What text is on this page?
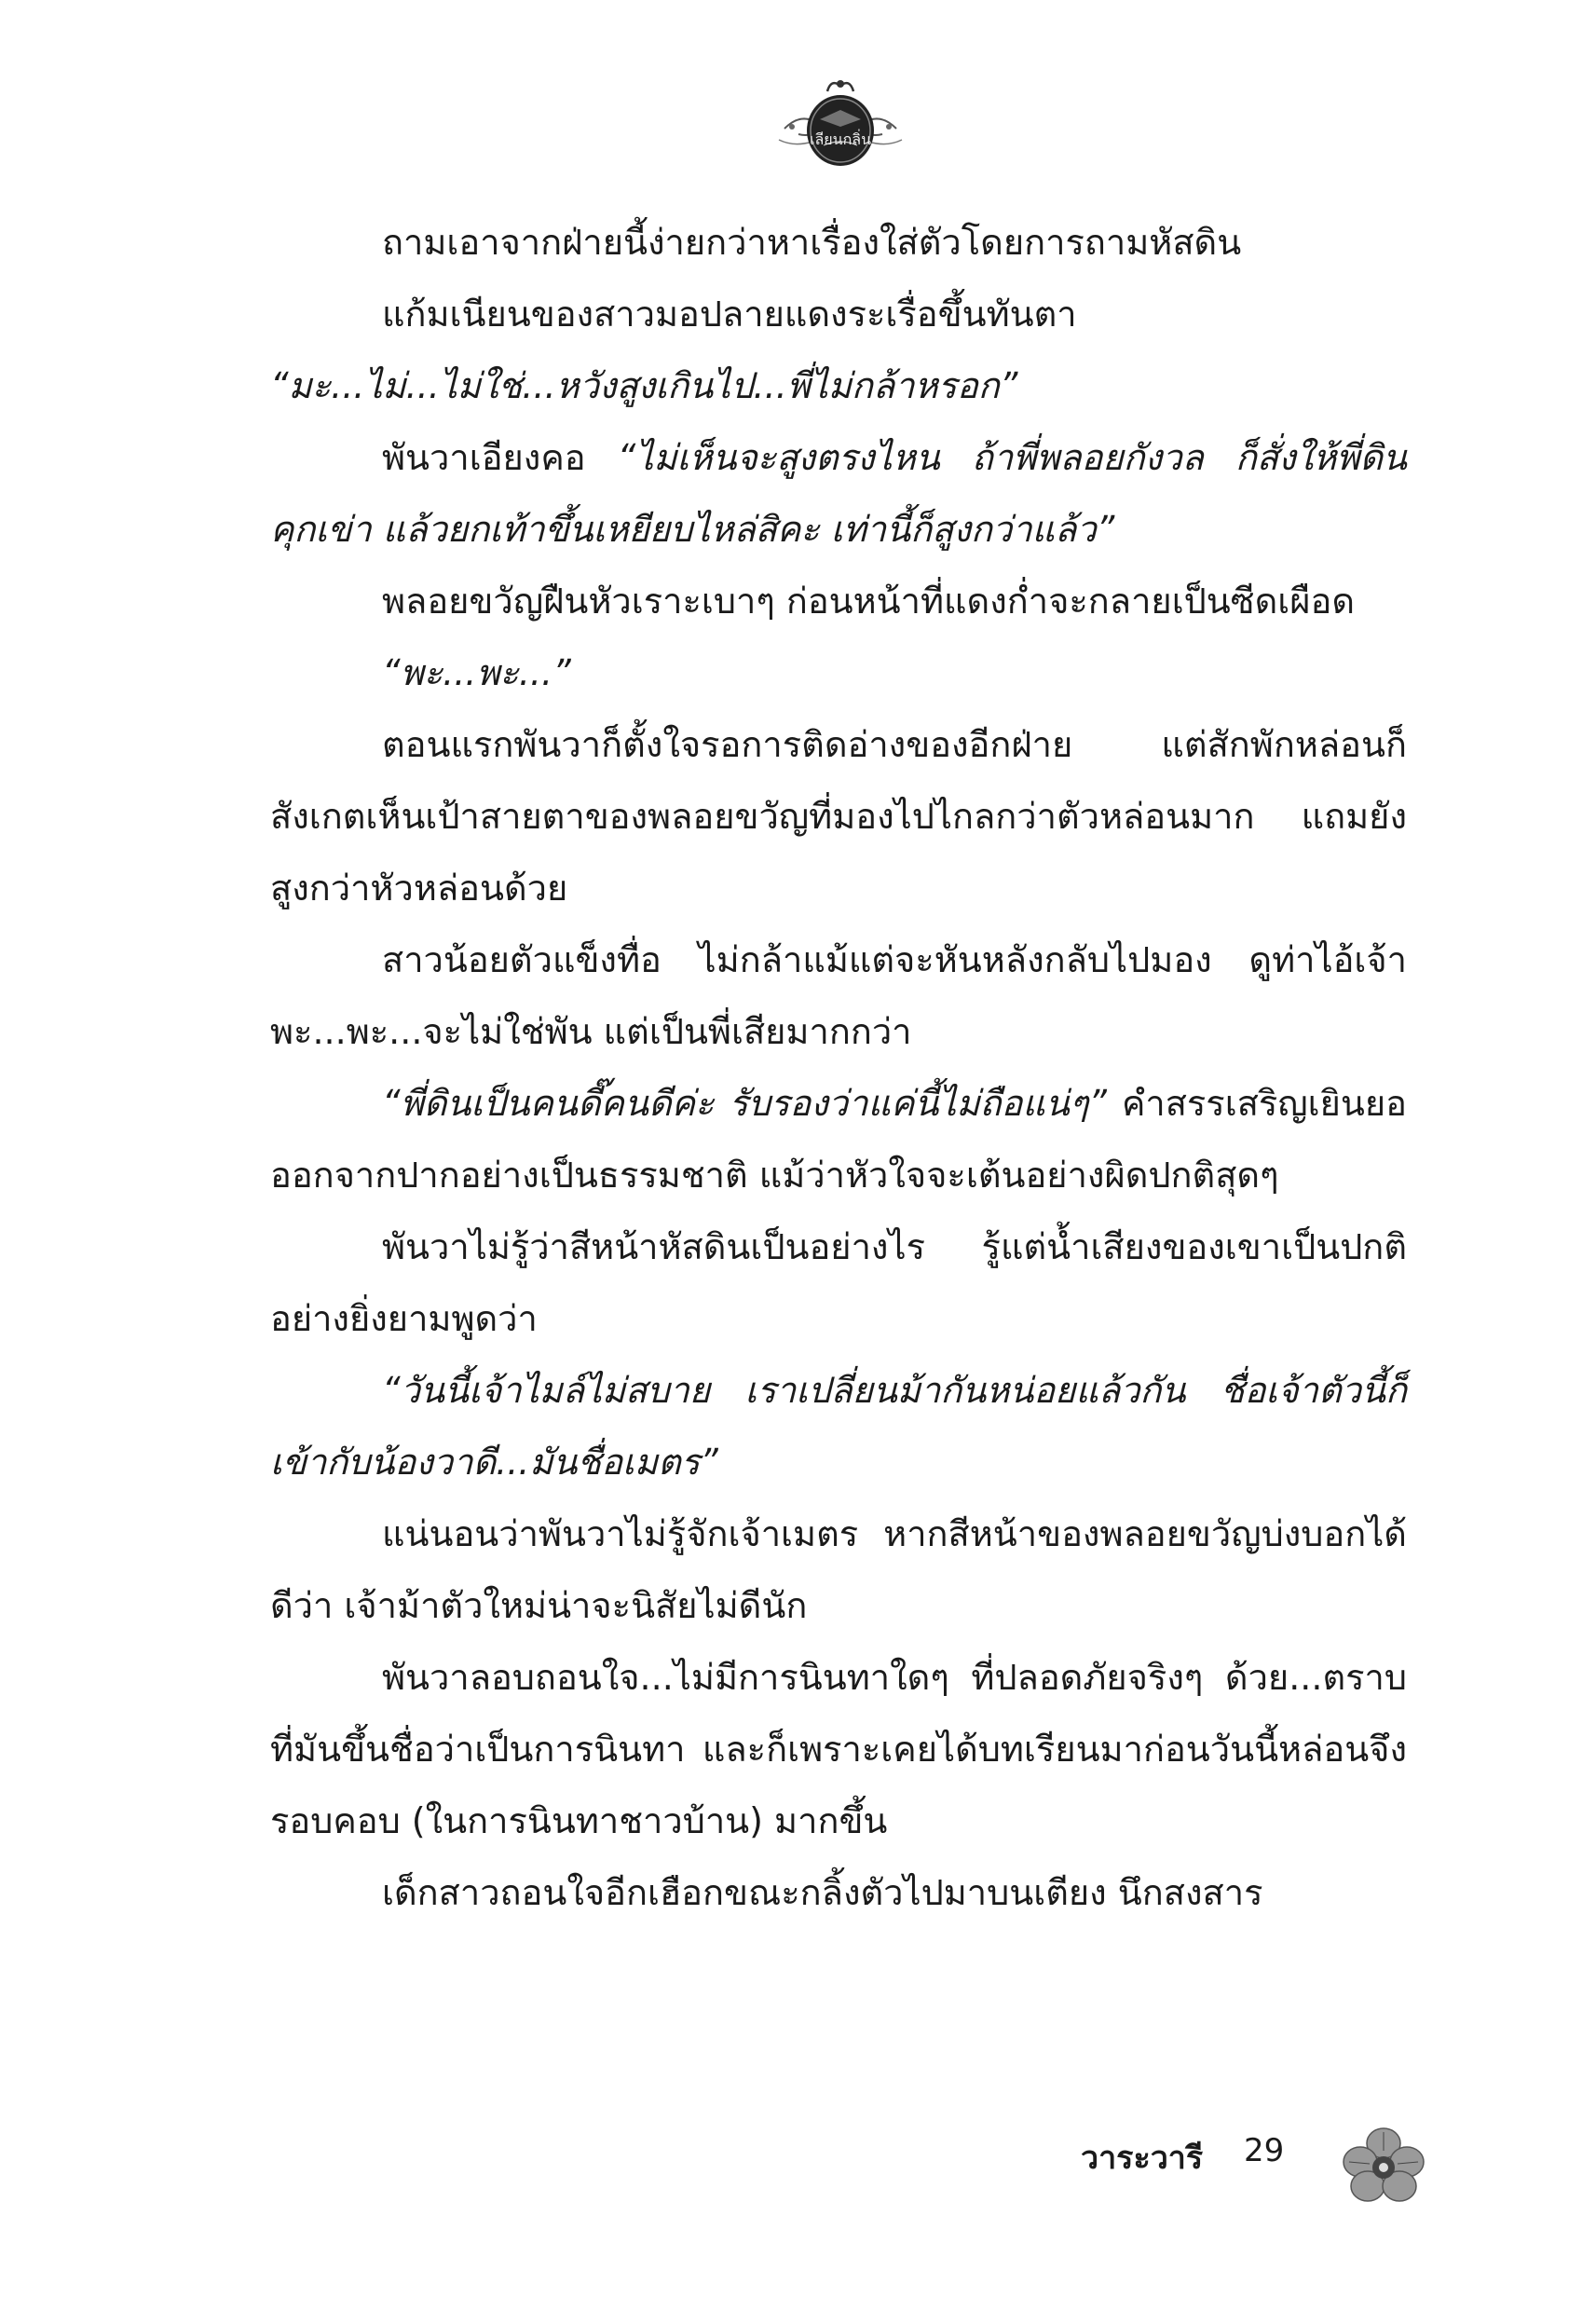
เลียนกลิ่น

ถามเอาจากฝ่ายนี้ง่ายกว่าหาเรื่องใส่ตัวโดยการถามหัสดิน

แก้มเนียนของสาวมอปลายแดงระเรื่อขึ้นทันตา “มะ...ไม่...ไม่ใช่...หวังสูงเกินไป...พี่ไม่กล้าหรอก”

พันวาเอียงคอ “ไม่เห็นจะสูงตรงไหน ถ้าพี่พลอยกังวล ก็สั่งให้พี่ดินคุกเข่า แล้วยกเท้าขึ้นเหยียบไหล่สิคะ เท่านี้ก็สูงกว่าแล้ว”

พลอยขวัญฝืนหัวเราะเบาๆ ก่อนหน้าที่แดงก่ำจะกลายเป็นซีดเผือด

“พะ...พะ...”

ตอนแรกพันวาก็ตั้งใจรอการติดอ่างของอีกฝ่าย แต่สักพักหล่อนก็สังเกตเห็นเป้าสายตาของพลอยขวัญที่มองไปไกลกว่าตัวหล่อนมาก แถมยังสูงกว่าหัวหล่อนด้วย

สาวน้อยตัวแข็งทื่อ ไม่กล้าแม้แต่จะหันหลังกลับไปมอง ดูท่าไอ้เจ้าพะ...พะ...จะไม่ใช่พัน แต่เป็นพี่เสียมากกว่า

“พี่ดินเป็นคนดี๊คนดีค่ะ รับรองว่าแค่นี้ไม่ถือแน่ๆ” คำสรรเสริญเยินยอออกจากปากอย่างเป็นธรรมชาติ แม้ว่าหัวใจจะเต้นอย่างผิดปกติสุดๆ

พันวาไม่รู้ว่าสีหน้าหัสดินเป็นอย่างไร รู้แต่น้ำเสียงของเขาเป็นปกติอย่างยิ่งยามพูดว่า

“วันนี้เจ้าไมล์ไม่สบาย เราเปลี่ยนม้ากันหน่อยแล้วกัน ชื่อเจ้าตัวนี้ก็เข้ากับน้องวาดี...มันชื่อเมตร”

แน่นอนว่าพันวาไม่รู้จักเจ้าเมตร หากสีหน้าของพลอยขวัญบ่งบอกได้ดีว่า เจ้าม้าตัวใหม่น่าจะนิสัยไม่ดีนัก

พันวาลอบถอนใจ...ไม่มีการนินทาใดๆ ที่ปลอดภัยจริงๆ ด้วย...ตราบที่มันขึ้นชื่อว่าเป็นการนินทา และก็เพราะเคยได้บทเรียนมาก่อนวันนี้หล่อนจึงรอบคอบ (ในการนินทาชาวบ้าน) มากขึ้น

เด็กสาวถอนใจอีกเฮือกขณะกลิ้งตัวไปมาบนเตียง นึกสงสาร

วาระวารี 29
